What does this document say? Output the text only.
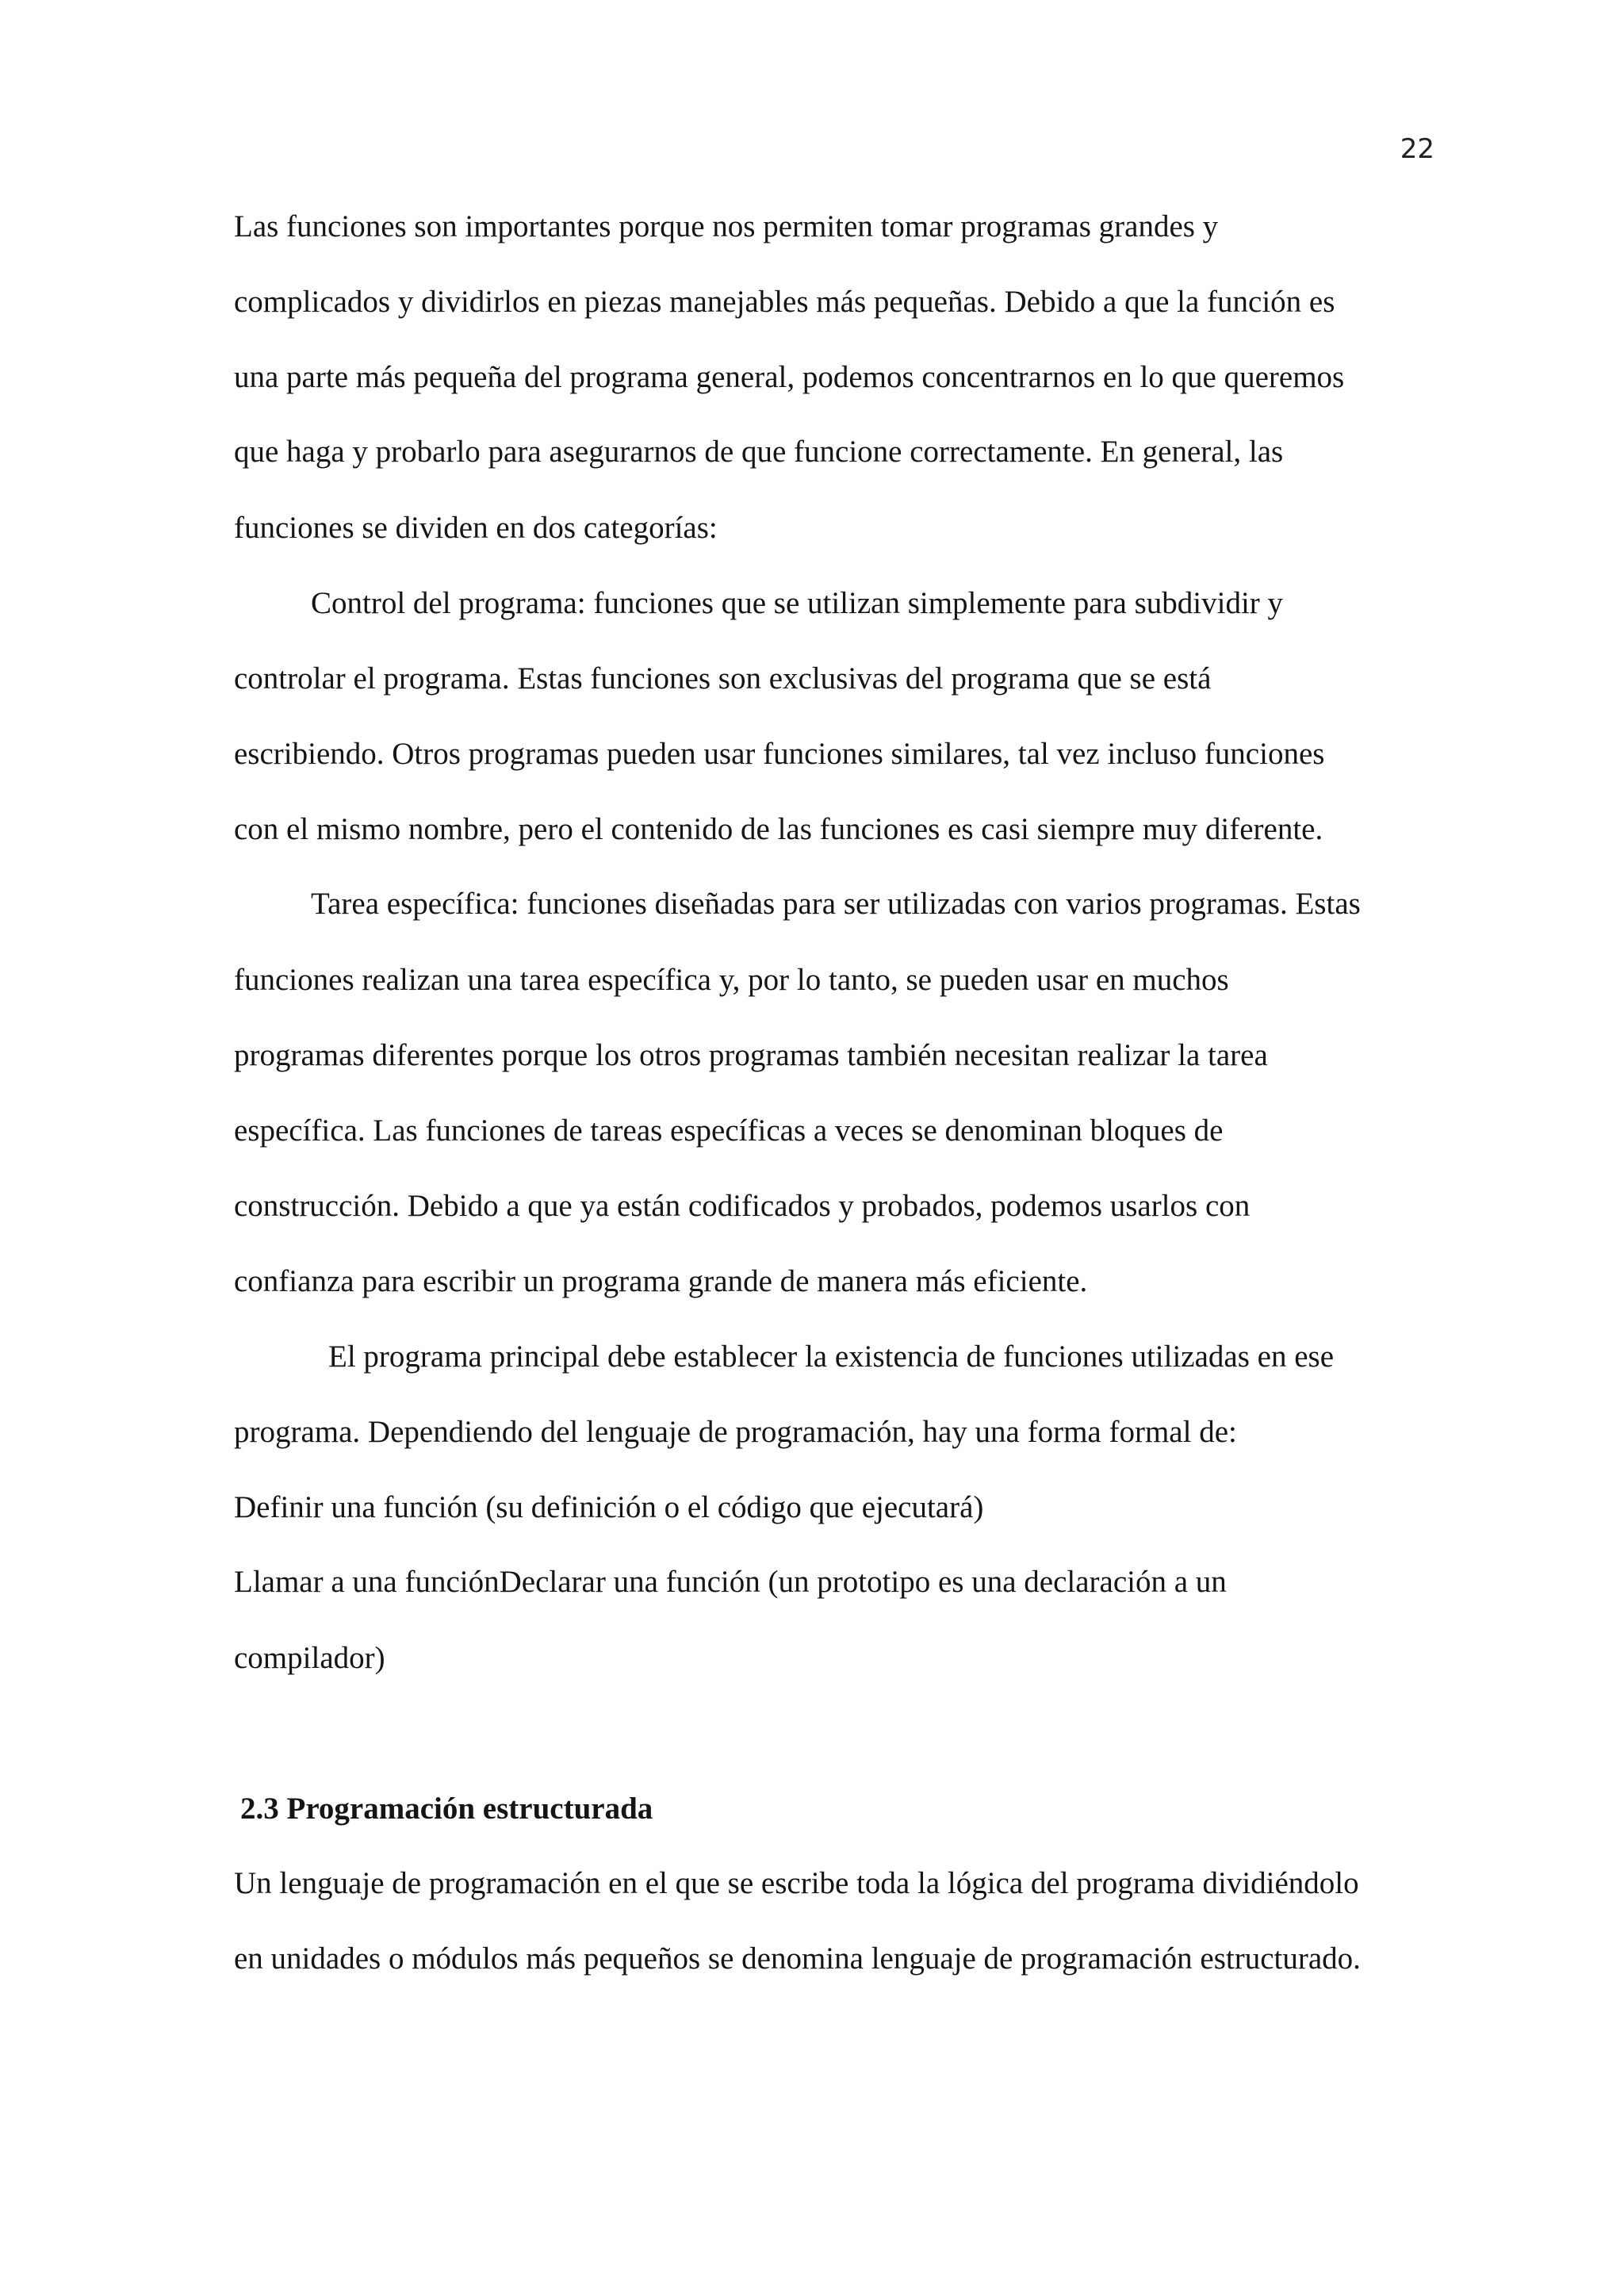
22
Las funciones son importantes porque nos permiten tomar programas grandes y
complicados y dividirlos en piezas manejables más pequeñas. Debido a que la función es
una parte más pequeña del programa general, podemos concentrarnos en lo que queremos
que haga y probarlo para asegurarnos de que funcione correctamente. En general, las
funciones se dividen en dos categorías:
Control del programa: funciones que se utilizan simplemente para subdividir y
controlar el programa. Estas funciones son exclusivas del programa que se está
escribiendo. Otros programas pueden usar funciones similares, tal vez incluso funciones
con el mismo nombre, pero el contenido de las funciones es casi siempre muy diferente.
Tarea específica: funciones diseñadas para ser utilizadas con varios programas. Estas
funciones realizan una tarea específica y, por lo tanto, se pueden usar en muchos
programas diferentes porque los otros programas también necesitan realizar la tarea
específica. Las funciones de tareas específicas a veces se denominan bloques de
construcción. Debido a que ya están codificados y probados, podemos usarlos con
confianza para escribir un programa grande de manera más eficiente.
El programa principal debe establecer la existencia de funciones utilizadas en ese
programa. Dependiendo del lenguaje de programación, hay una forma formal de:
Definir una función (su definición o el código que ejecutará)
Llamar a una funciónDeclarar una función (un prototipo es una declaración a un
compilador)
2.3 Programación estructurada
Un lenguaje de programación en el que se escribe toda la lógica del programa dividiéndolo
en unidades o módulos más pequeños se denomina lenguaje de programación estructurado.
